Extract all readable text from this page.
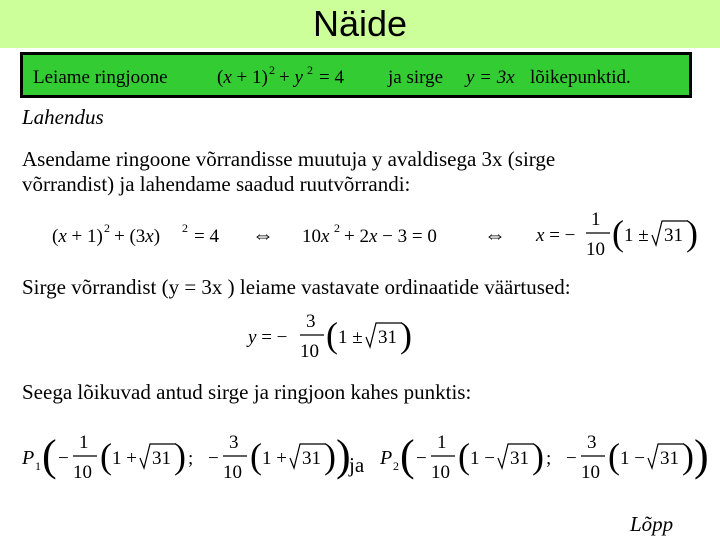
Näide
Leiame ringjoone	(x + 1) 2 + y 2 = 4 ja sirge y = 3x lõikepunktid.
Lahendus
Asendame ringoone võrrandisse muutuja y avaldisega 3x (sirge
võrrandist) ja lahendame saadud ruutvõrrandi:
(x + 1) 2 + (3x) 2 = 4 ⇔ 10x 2 + 2x − 3 = 0 ⇔ x = −
1
10 ( 1 ± 31 )
Sirge võrrandist (y = 3x ) leiame vastavate ordinaatide väärtused:
y = −
3
10 ( 1 ± 31 )
Seega lõikuvad antud sirge ja ringjoon kahes punktis:
P 1 ( −
1
10 ( 1 + 31 ) ; −
3
10 ( 1 + 31 ) )
ja P 2 ( −
1
10 ( 1 − 31 ) ; −
3
10 ( 1 − 31 ) )
Lõpp
